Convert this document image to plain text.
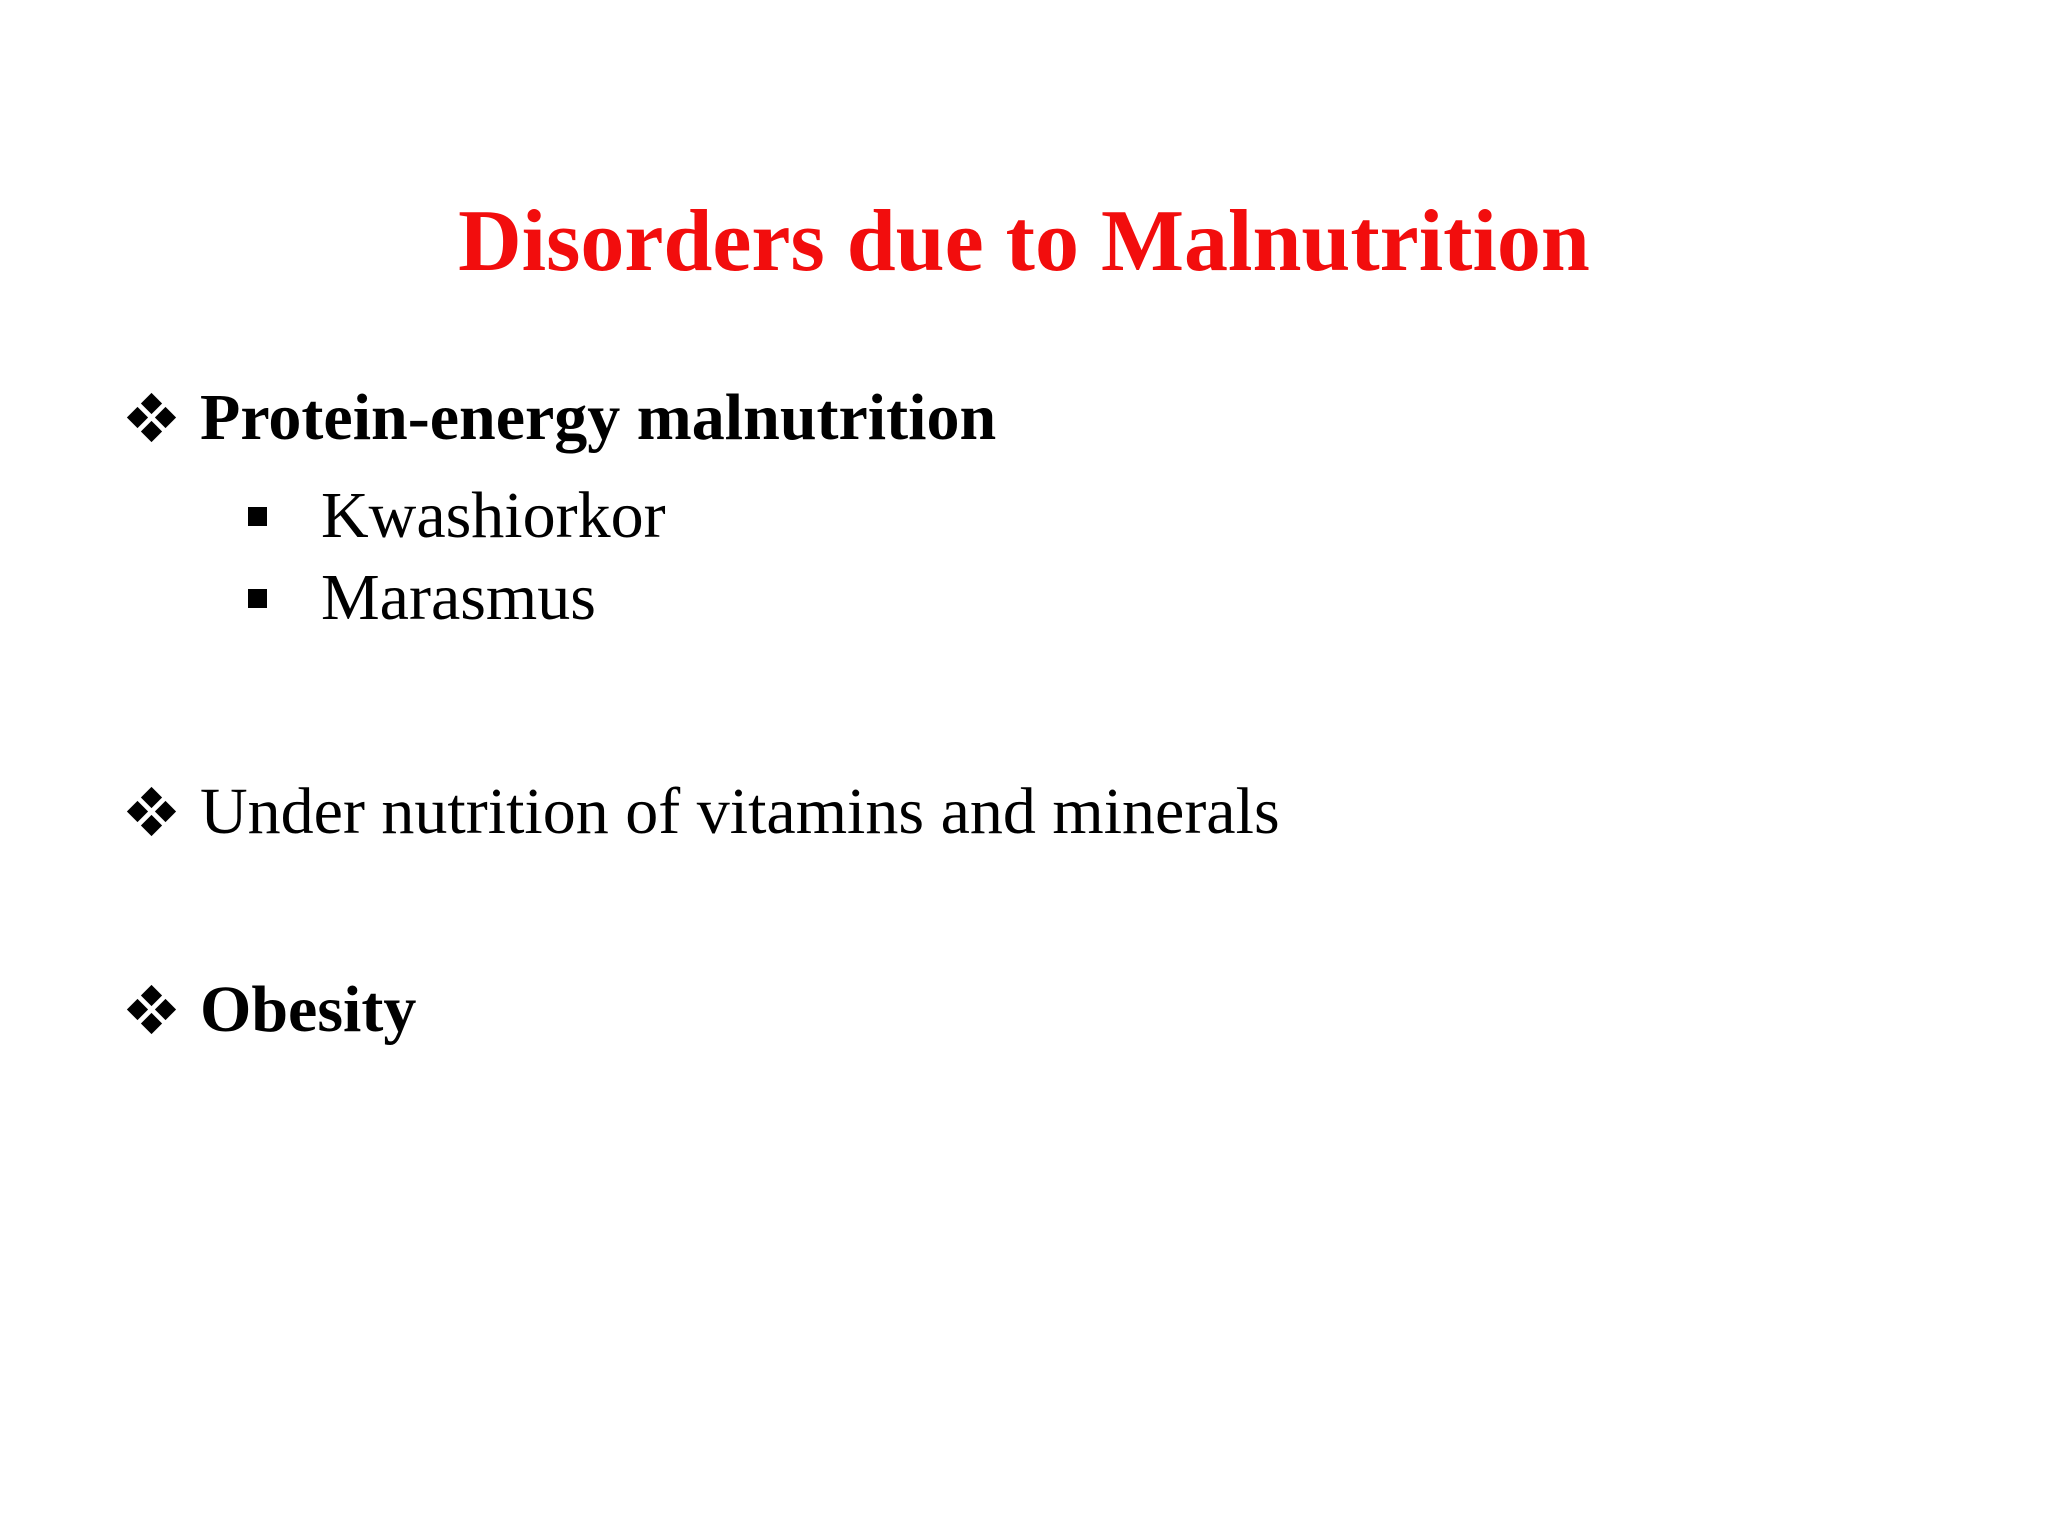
Disorders due to Malnutrition
Protein-energy malnutrition
Kwashiorkor
Marasmus
Under nutrition of vitamins and minerals
Obesity
